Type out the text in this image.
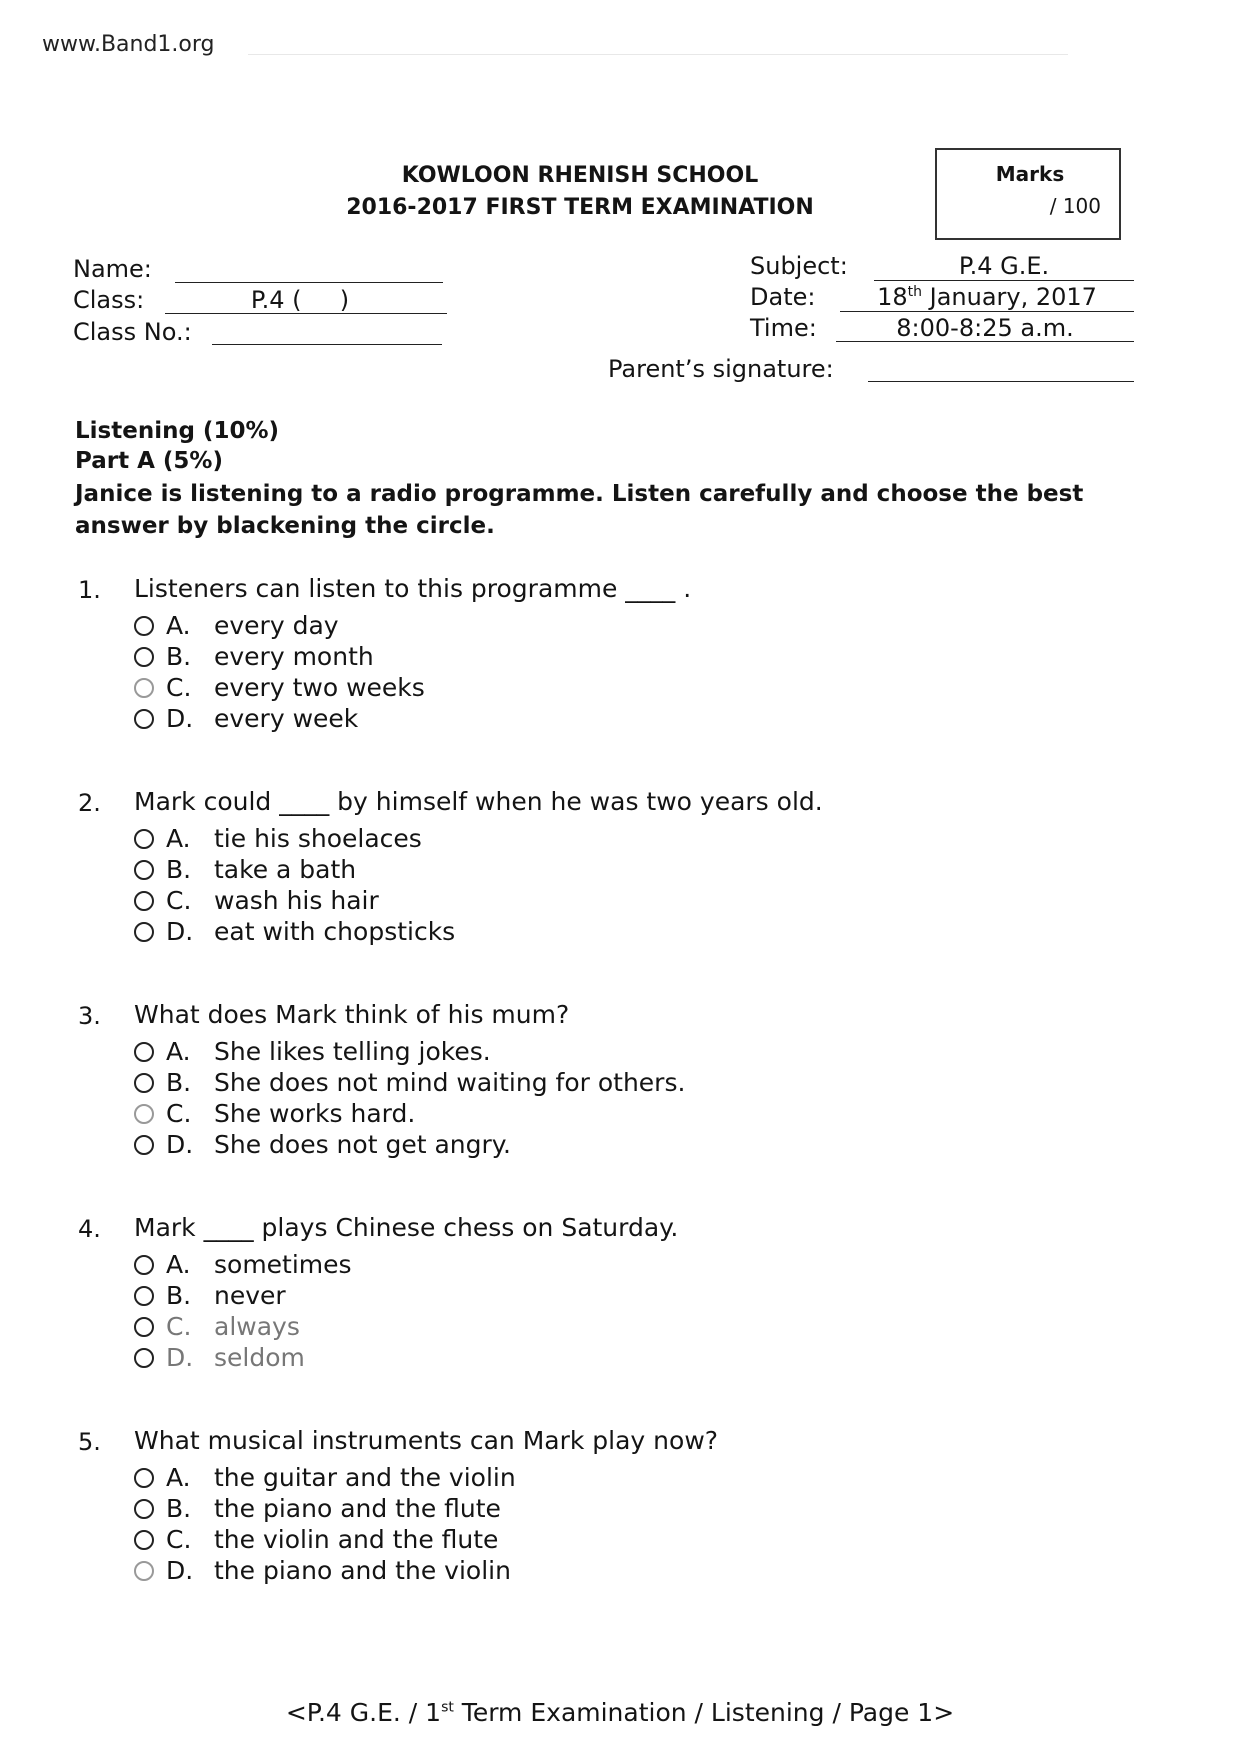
www.Band1.org
KOWLOON RHENISH SCHOOL
2016-2017 FIRST TERM EXAMINATION
Marks
/ 100
Name:
Class:	P.4 (     )
Class No.:
Subject:	P.4 G.E.
Date:	18th January, 2017
Time:	8:00-8:25 a.m.
Parent’s signature:
Listening (10%)
Part A (5%)
Janice is listening to a radio programme. Listen carefully and choose the best answer by blackening the circle.
1. Listeners can listen to this programme ____ .
A. every day
B. every month
C. every two weeks
D. every week
2. Mark could ____ by himself when he was two years old.
A. tie his shoelaces
B. take a bath
C. wash his hair
D. eat with chopsticks
3. What does Mark think of his mum?
A. She likes telling jokes.
B. She does not mind waiting for others.
C. She works hard.
D. She does not get angry.
4. Mark ____ plays Chinese chess on Saturday.
A. sometimes
B. never
C. always
D. seldom
5. What musical instruments can Mark play now?
A. the guitar and the violin
B. the piano and the flute
C. the violin and the flute
D. the piano and the violin
<P.4 G.E. / 1st Term Examination / Listening / Page 1>
